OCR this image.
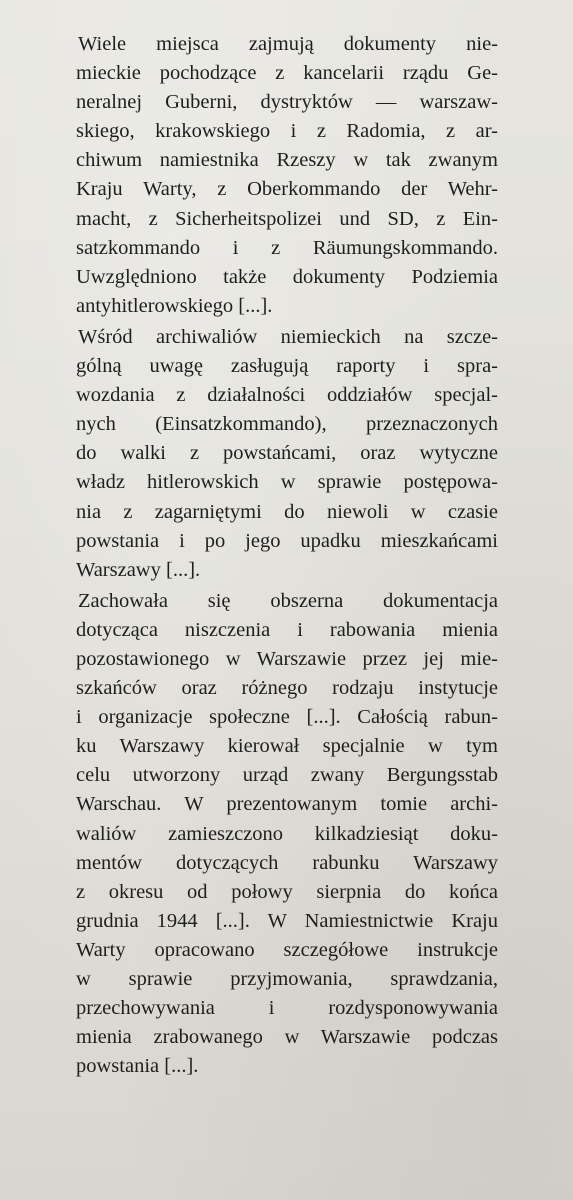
Wiele miejsca zajmują dokumenty nie-
mieckie pochodzące z kancelarii rządu Ge-
neralnej Guberni, dystryktów — warszaw-
skiego, krakowskiego i z Radomia, z ar-
chiwum namiestnika Rzeszy w tak zwanym
Kraju Warty, z Oberkommando der Wehr-
macht, z Sicherheitspolizei und SD, z Ein-
satzkommando i z Räumungskommando.
Uwzględniono także dokumenty Podziemia
antyhitlerowskiego [...].
Wśród archiwaliów niemieckich na szcze-
gólną uwagę zasługują raporty i spra-
wozdania z działalności oddziałów specjal-
nych (Einsatzkommando), przeznaczonych
do walki z powstańcami, oraz wytyczne
władz hitlerowskich w sprawie postępowa-
nia z zagarniętymi do niewoli w czasie
powstania i po jego upadku mieszkańcami
Warszawy [...].
Zachowała się obszerna dokumentacja
dotycząca niszczenia i rabowania mienia
pozostawionego w Warszawie przez jej mie-
szkańców oraz różnego rodzaju instytucje
i organizacje społeczne [...]. Całością rabun-
ku Warszawy kierował specjalnie w tym
celu utworzony urząd zwany Bergungsstab
Warschau. W prezentowanym tomie archi-
waliów zamieszczono kilkadziesiąt doku-
mentów dotyczących rabunku Warszawy
z okresu od połowy sierpnia do końca
grudnia 1944 [...]. W Namiestnictwie Kraju
Warty opracowano szczegółowe instrukcje
w sprawie przyjmowania, sprawdzania,
przechowywania i rozdysponowywania
mienia zrabowanego w Warszawie podczas
powstania [...].
